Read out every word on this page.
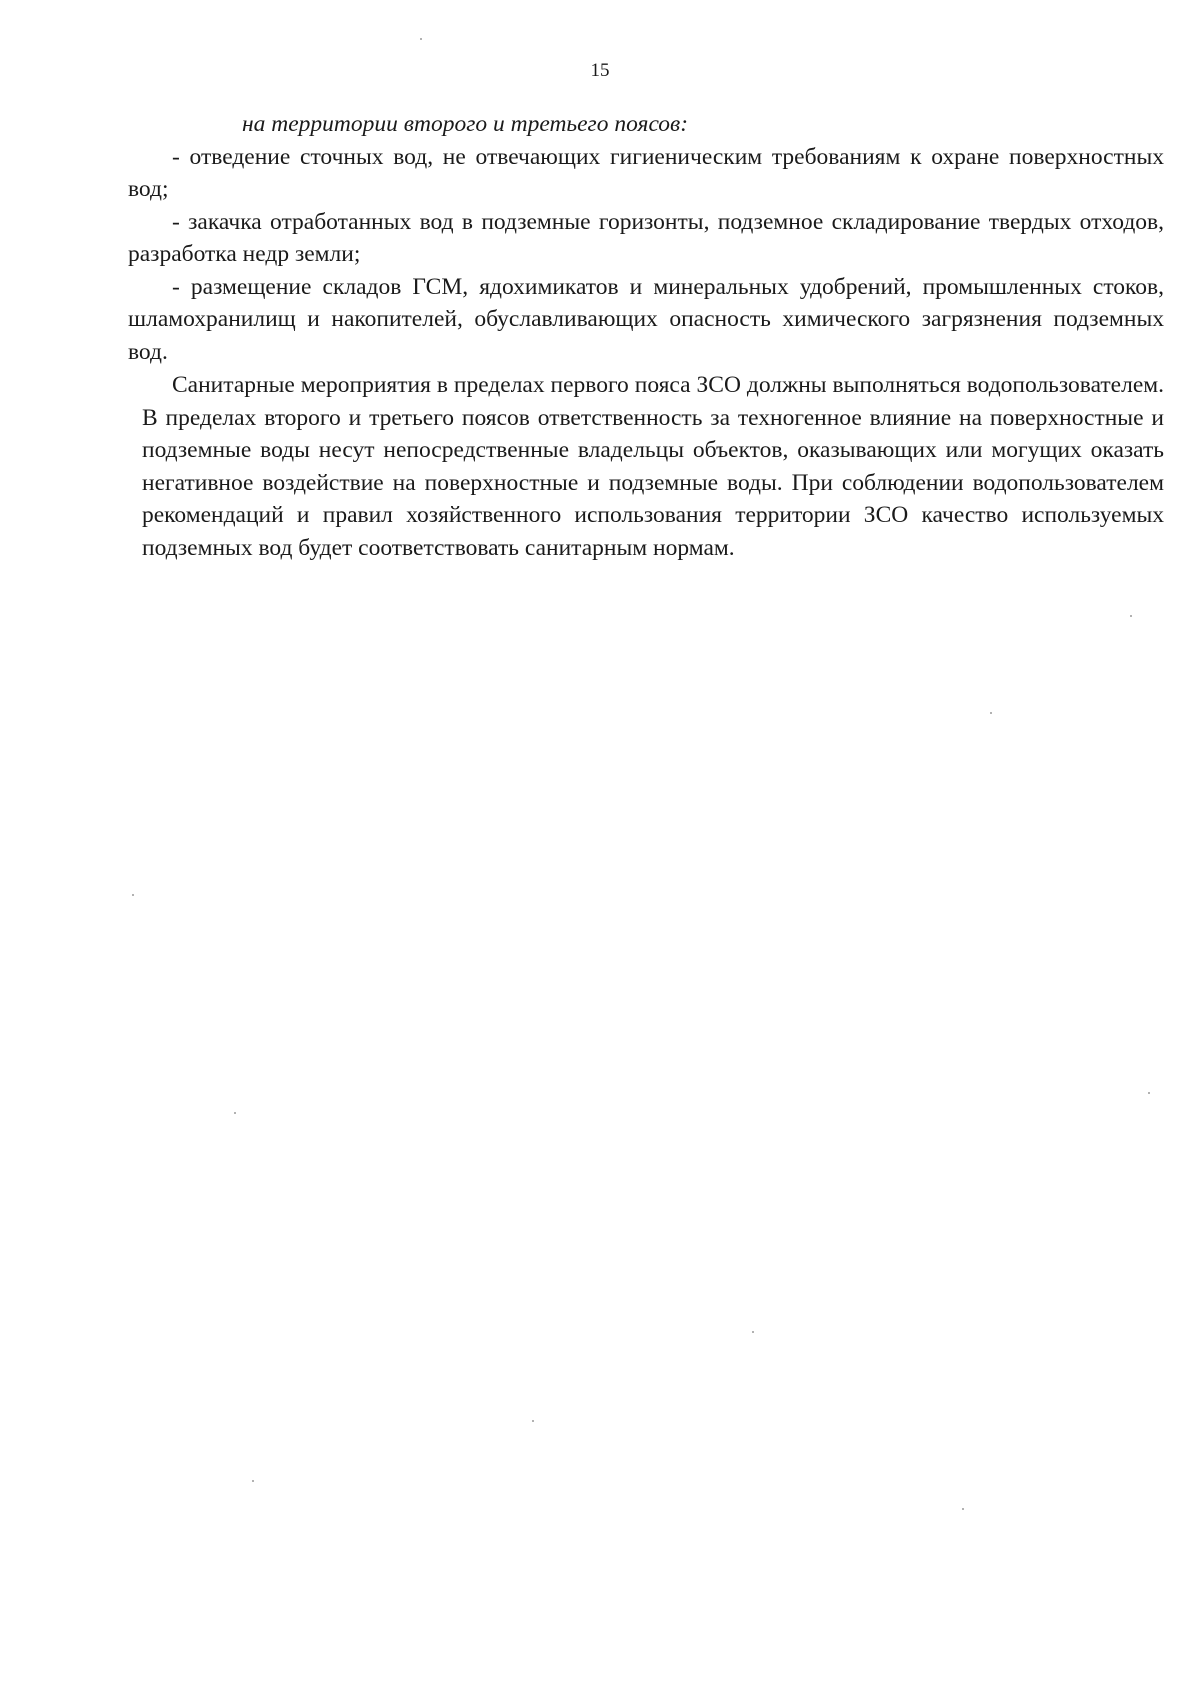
15

на территории второго и третьего поясов:

- отведение сточных вод, не отвечающих гигиеническим требованиям к охране поверхностных вод;

- закачка отработанных вод в подземные горизонты, подземное складирование твердых отходов, разработка недр земли;

- размещение складов ГСМ, ядохимикатов и минеральных удобрений, промышленных стоков, шламохранилищ и накопителей, обуславливающих опасность химического загрязнения подземных вод.

Санитарные мероприятия в пределах первого пояса ЗСО должны выполняться водопользователем. В пределах второго и третьего поясов ответственность за техногенное влияние на поверхностные и подземные воды несут непосредственные владельцы объектов, оказывающих или могущих оказать негативное воздействие на поверхностные и подземные воды. При соблюдении водопользователем рекомендаций и правил хозяйственного использования территории ЗСО качество используемых подземных вод будет соответствовать санитарным нормам.
